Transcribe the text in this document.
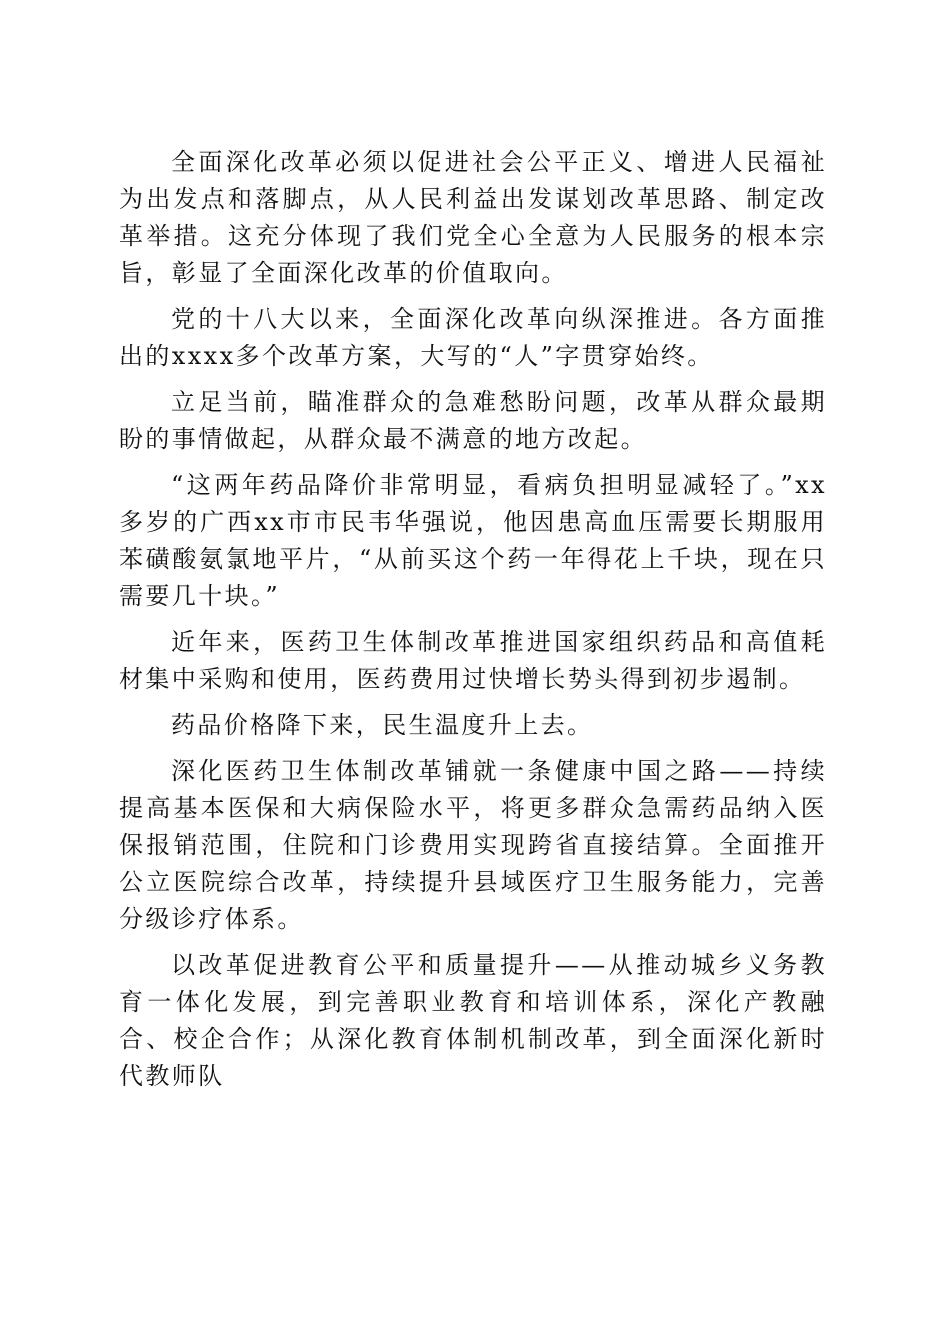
全面深化改革必须以促进社会公平正义、增进人民福祉为出发点和落脚点，从人民利益出发谋划改革思路、制定改革举措。这充分体现了我们党全心全意为人民服务的根本宗旨，彰显了全面深化改革的价值取向。

党的十八大以来，全面深化改革向纵深推进。各方面推出的xxxx多个改革方案，大写的“人”字贯穿始终。

立足当前，瞄准群众的急难愁盼问题，改革从群众最期盼的事情做起，从群众最不满意的地方改起。

“这两年药品降价非常明显，看病负担明显减轻了。”xx多岁的广西xx市市民韦华强说，他因患高血压需要长期服用苯磺酸氨氯地平片，“从前买这个药一年得花上千块，现在只需要几十块。”

近年来，医药卫生体制改革推进国家组织药品和高值耗材集中采购和使用，医药费用过快增长势头得到初步遏制。

药品价格降下来，民生温度升上去。

深化医药卫生体制改革铺就一条健康中国之路——持续提高基本医保和大病保险水平，将更多群众急需药品纳入医保报销范围，住院和门诊费用实现跨省直接结算。全面推开公立医院综合改革，持续提升县域医疗卫生服务能力，完善分级诊疗体系。

以改革促进教育公平和质量提升——从推动城乡义务教育一体化发展，到完善职业教育和培训体系，深化产教融合、校企合作；从深化教育体制机制改革，到全面深化新时代教师队
